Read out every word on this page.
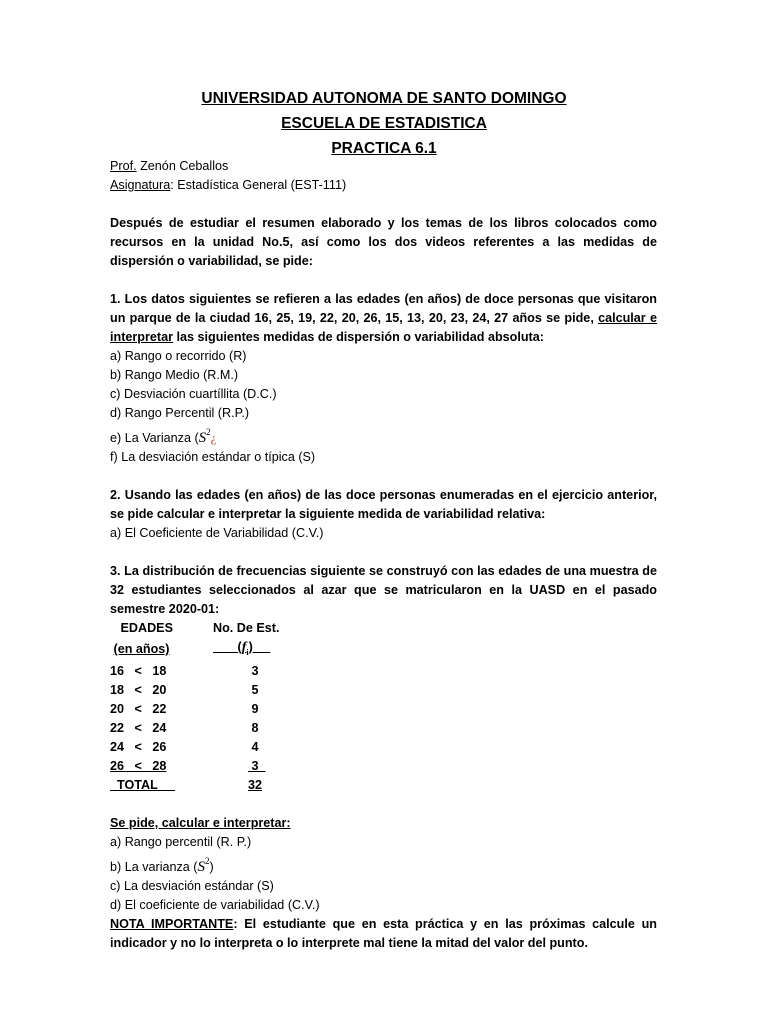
UNIVERSIDAD AUTONOMA DE SANTO DOMINGO
ESCUELA DE ESTADISTICA
PRACTICA 6.1
Prof. Zenón Ceballos
Asignatura: Estadística General (EST-111)
Después de estudiar el resumen elaborado y los temas de los libros colocados como recursos en la unidad No.5, así como los dos videos referentes a las medidas de dispersión o variabilidad, se pide:
1. Los datos siguientes se refieren a las edades (en años) de doce personas que visitaron un parque de la ciudad 16, 25, 19, 22, 20, 26, 15, 13, 20, 23, 24, 27 años se pide, calcular e interpretar las siguientes medidas de dispersión o variabilidad absoluta:
a) Rango o recorrido (R)
b) Rango Medio (R.M.)
c) Desviación cuartíllita (D.C.)
d) Rango Percentil (R.P.)
e) La Varianza ($S^2¿$
f) La desviación estándar o típica (S)
2. Usando las edades (en años) de las doce personas enumeradas en el ejercicio anterior, se pide calcular e interpretar la siguiente medida de variabilidad relativa:
a) El Coeficiente de Variabilidad (C.V.)
3. La distribución de frecuencias siguiente se construyó con las edades de una muestra de 32 estudiantes seleccionados al azar que se matricularon en la UASD en el pasado semestre 2020-01:
EDADES	No. De Est.
(en años)	$(f_i)$
16   <   18	3
18   <   20	5
20   <   22	9
22   <   24	8
24   <   26	4
26   <   28	3
TOTAL	32
Se pide, calcular e interpretar:
a) Rango percentil (R. P.)
b) La varianza $(S^2)$
c) La desviación estándar (S)
d) El coeficiente de variabilidad (C.V.)
NOTA IMPORTANTE: El estudiante que en esta práctica y en las próximas calcule un indicador y no lo interpreta o lo interprete mal tiene la mitad del valor del punto.
